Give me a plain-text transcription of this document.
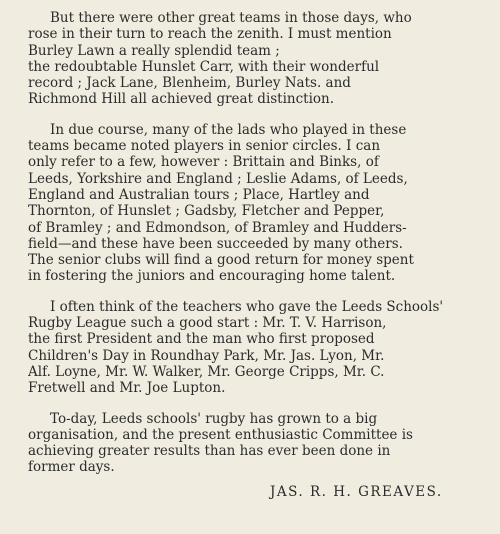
But there were other great teams in those days, who
rose in their turn to reach the zenith. I must mention
Burley Lawn a really splendid team ;
the redoubtable Hunslet Carr, with their wonderful
record ; Jack Lane, Blenheim, Burley Nats. and
Richmond Hill all achieved great distinction.
In due course, many of the lads who played in these
teams became noted players in senior circles. I can
only refer to a few, however : Brittain and Binks, of
Leeds, Yorkshire and England ; Leslie Adams, of Leeds,
England and Australian tours ; Place, Hartley and
Thornton, of Hunslet ; Gadsby, Fletcher and Pepper,
of Bramley ; and Edmondson, of Bramley and Hudders-
field—and these have been succeeded by many others.
The senior clubs will find a good return for money spent
in fostering the juniors and encouraging home talent.
I often think of the teachers who gave the Leeds Schools'
Rugby League such a good start : Mr. T. V. Harrison,
the first President and the man who first proposed
Children's Day in Roundhay Park, Mr. Jas. Lyon, Mr.
Alf. Loyne, Mr. W. Walker, Mr. George Cripps, Mr. C.
Fretwell and Mr. Joe Lupton.
To-day, Leeds schools' rugby has grown to a big
organisation, and the present enthusiastic Committee is
achieving greater results than has ever been done in
former days.
JAS. R. H. GREAVES.
